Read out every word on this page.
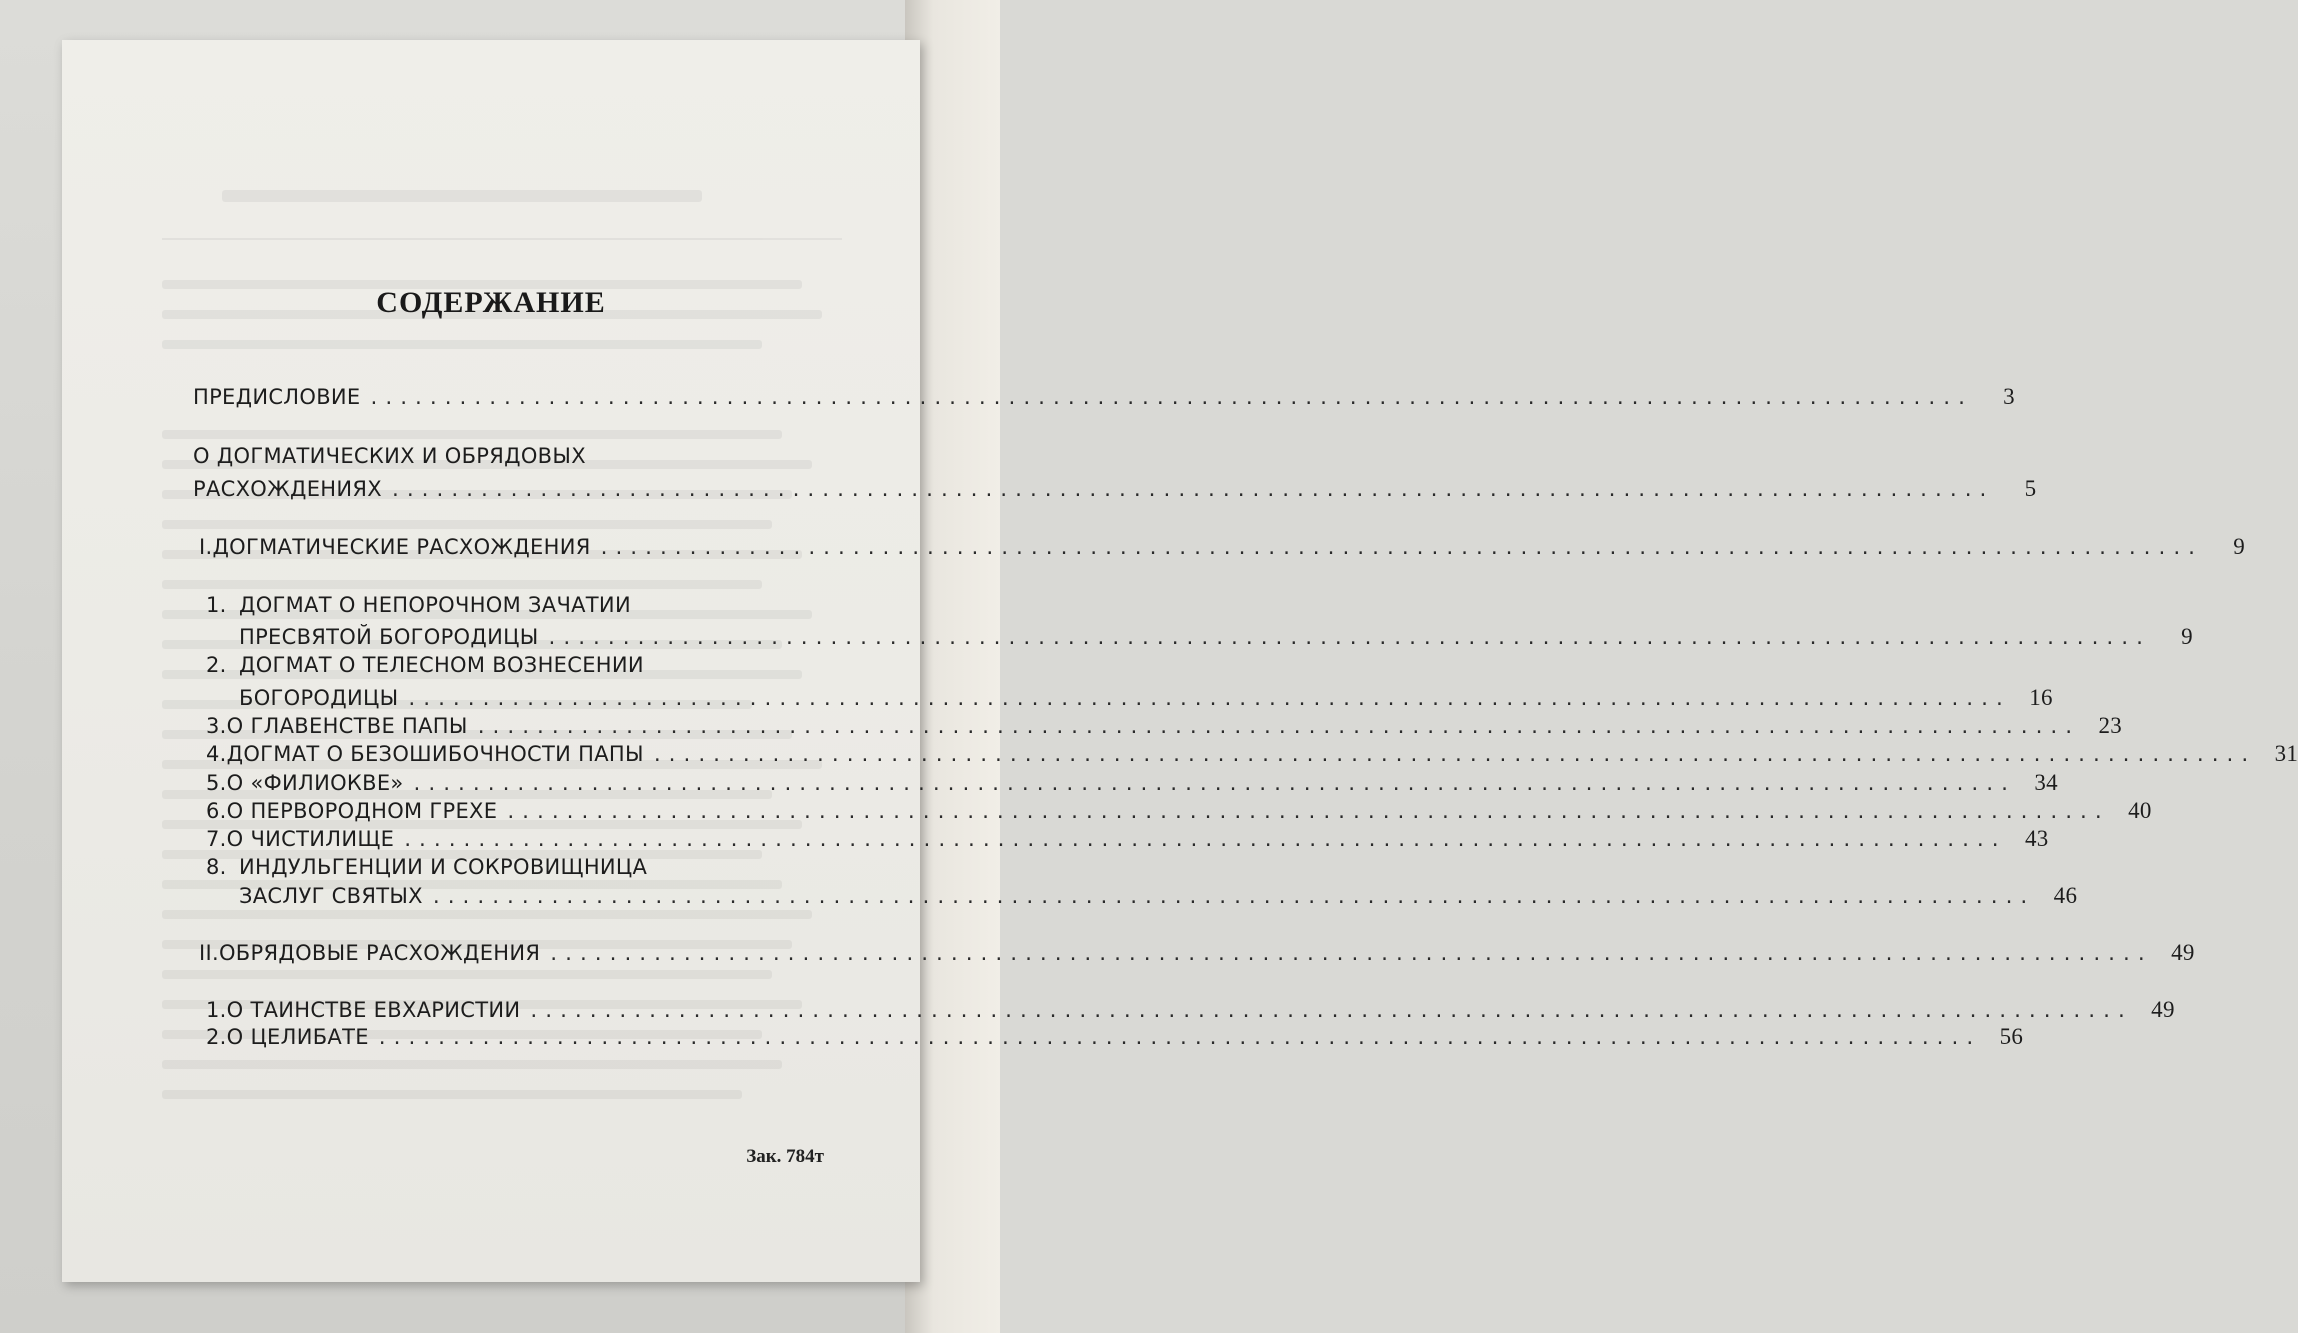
СОДЕРЖАНИЕ
ПРЕДИСЛОВИЕ ............................................................................................................	3
О ДОГМАТИЧЕСКИХ И ОБРЯДОВЫХ
РАСХОЖДЕНИЯХ ............................................................................................................	5
I. ДОГМАТИЧЕСКИЕ РАСХОЖДЕНИЯ ............................................................................................................	9
1. ДОГМАТ О НЕПОРОЧНОМ ЗАЧАТИИ
ПРЕСВЯТОЙ БОГОРОДИЦЫ ............................................................................................................	9
2. ДОГМАТ О ТЕЛЕСНОМ ВОЗНЕСЕНИИ
БОГОРОДИЦЫ ............................................................................................................ 16
3. О ГЛАВЕНСТВЕ ПАПЫ ............................................................................................................ 23
4. ДОГМАТ О БЕЗОШИБОЧНОСТИ ПАПЫ ............................................................................................................ 31
5. О «ФИЛИОКВЕ» ............................................................................................................ 34
6. О ПЕРВОРОДНОМ ГРЕХЕ ............................................................................................................ 40
7. О ЧИСТИЛИЩЕ ............................................................................................................ 43
8. ИНДУЛЬГЕНЦИИ И СОКРОВИЩНИЦА
ЗАСЛУГ СВЯТЫХ ............................................................................................................ 46
II. ОБРЯДОВЫЕ РАСХОЖДЕНИЯ ............................................................................................................ 49
1. О ТАИНСТВЕ ЕВХАРИСТИИ ............................................................................................................ 49
2. О ЦЕЛИБАТЕ ............................................................................................................ 56
Зак. 784т
